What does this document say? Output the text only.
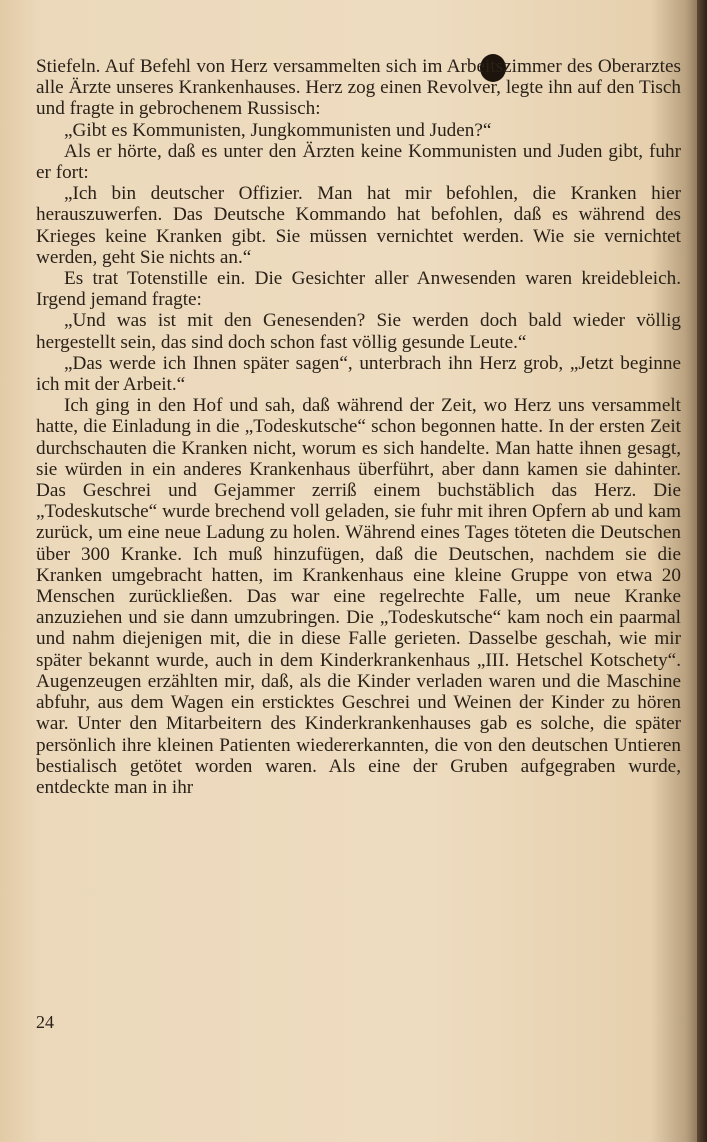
Stiefeln. Auf Befehl von Herz versammelten sich im Arbeitszimmer des Oberarztes alle Ärzte unseres Krankenhauses. Herz zog einen Revolver, legte ihn auf den Tisch und fragte in gebrochenem Russisch:

„Gibt es Kommunisten, Jungkommunisten und Juden?“

Als er hörte, daß es unter den Ärzten keine Kommunisten und Juden gibt, fuhr er fort:

„Ich bin deutscher Offizier. Man hat mir befohlen, die Kranken hier herauszuwerfen. Das Deutsche Kommando hat befohlen, daß es während des Krieges keine Kranken gibt. Sie müssen vernichtet werden. Wie sie vernichtet werden, geht Sie nichts an.“

Es trat Totenstille ein. Die Gesichter aller Anwesenden waren kreidebleich. Irgend jemand fragte:

„Und was ist mit den Genesenden? Sie werden doch bald wieder völlig hergestellt sein, das sind doch schon fast völlig gesunde Leute.“

„Das werde ich Ihnen später sagen“, unterbrach ihn Herz grob, „Jetzt beginne ich mit der Arbeit.“

Ich ging in den Hof und sah, daß während der Zeit, wo Herz uns versammelt hatte, die Einladung in die „Todeskutsche“ schon begonnen hatte. In der ersten Zeit durchschauten die Kranken nicht, worum es sich handelte. Man hatte ihnen gesagt, sie würden in ein anderes Krankenhaus überführt, aber dann kamen sie dahinter. Das Geschrei und Gejammer zerriß einem buchstäblich das Herz. Die „Todeskutsche“ wurde brechend voll geladen, sie fuhr mit ihren Opfern ab und kam zurück, um eine neue Ladung zu holen. Während eines Tages töteten die Deutschen über 300 Kranke. Ich muß hinzufügen, daß die Deutschen, nachdem sie die Kranken umgebracht hatten, im Krankenhaus eine kleine Gruppe von etwa 20 Menschen zurückließen. Das war eine regelrechte Falle, um neue Kranke anzuziehen und sie dann umzubringen. Die „Todeskutsche“ kam noch ein paarmal und nahm diejenigen mit, die in diese Falle gerieten. Dasselbe geschah, wie mir später bekannt wurde, auch in dem Kinderkrankenhaus „III. Hetschel Kotschety“. Augenzeugen erzählten mir, daß, als die Kinder verladen waren und die Maschine abfuhr, aus dem Wagen ein ersticktes Geschrei und Weinen der Kinder zu hören war. Unter den Mitarbeitern des Kinderkrankenhauses gab es solche, die später persönlich ihre kleinen Patienten wiedererkannten, die von den deutschen Untieren bestialisch getötet worden waren. Als eine der Gruben aufgegraben wurde, entdeckte man in ihr

24
